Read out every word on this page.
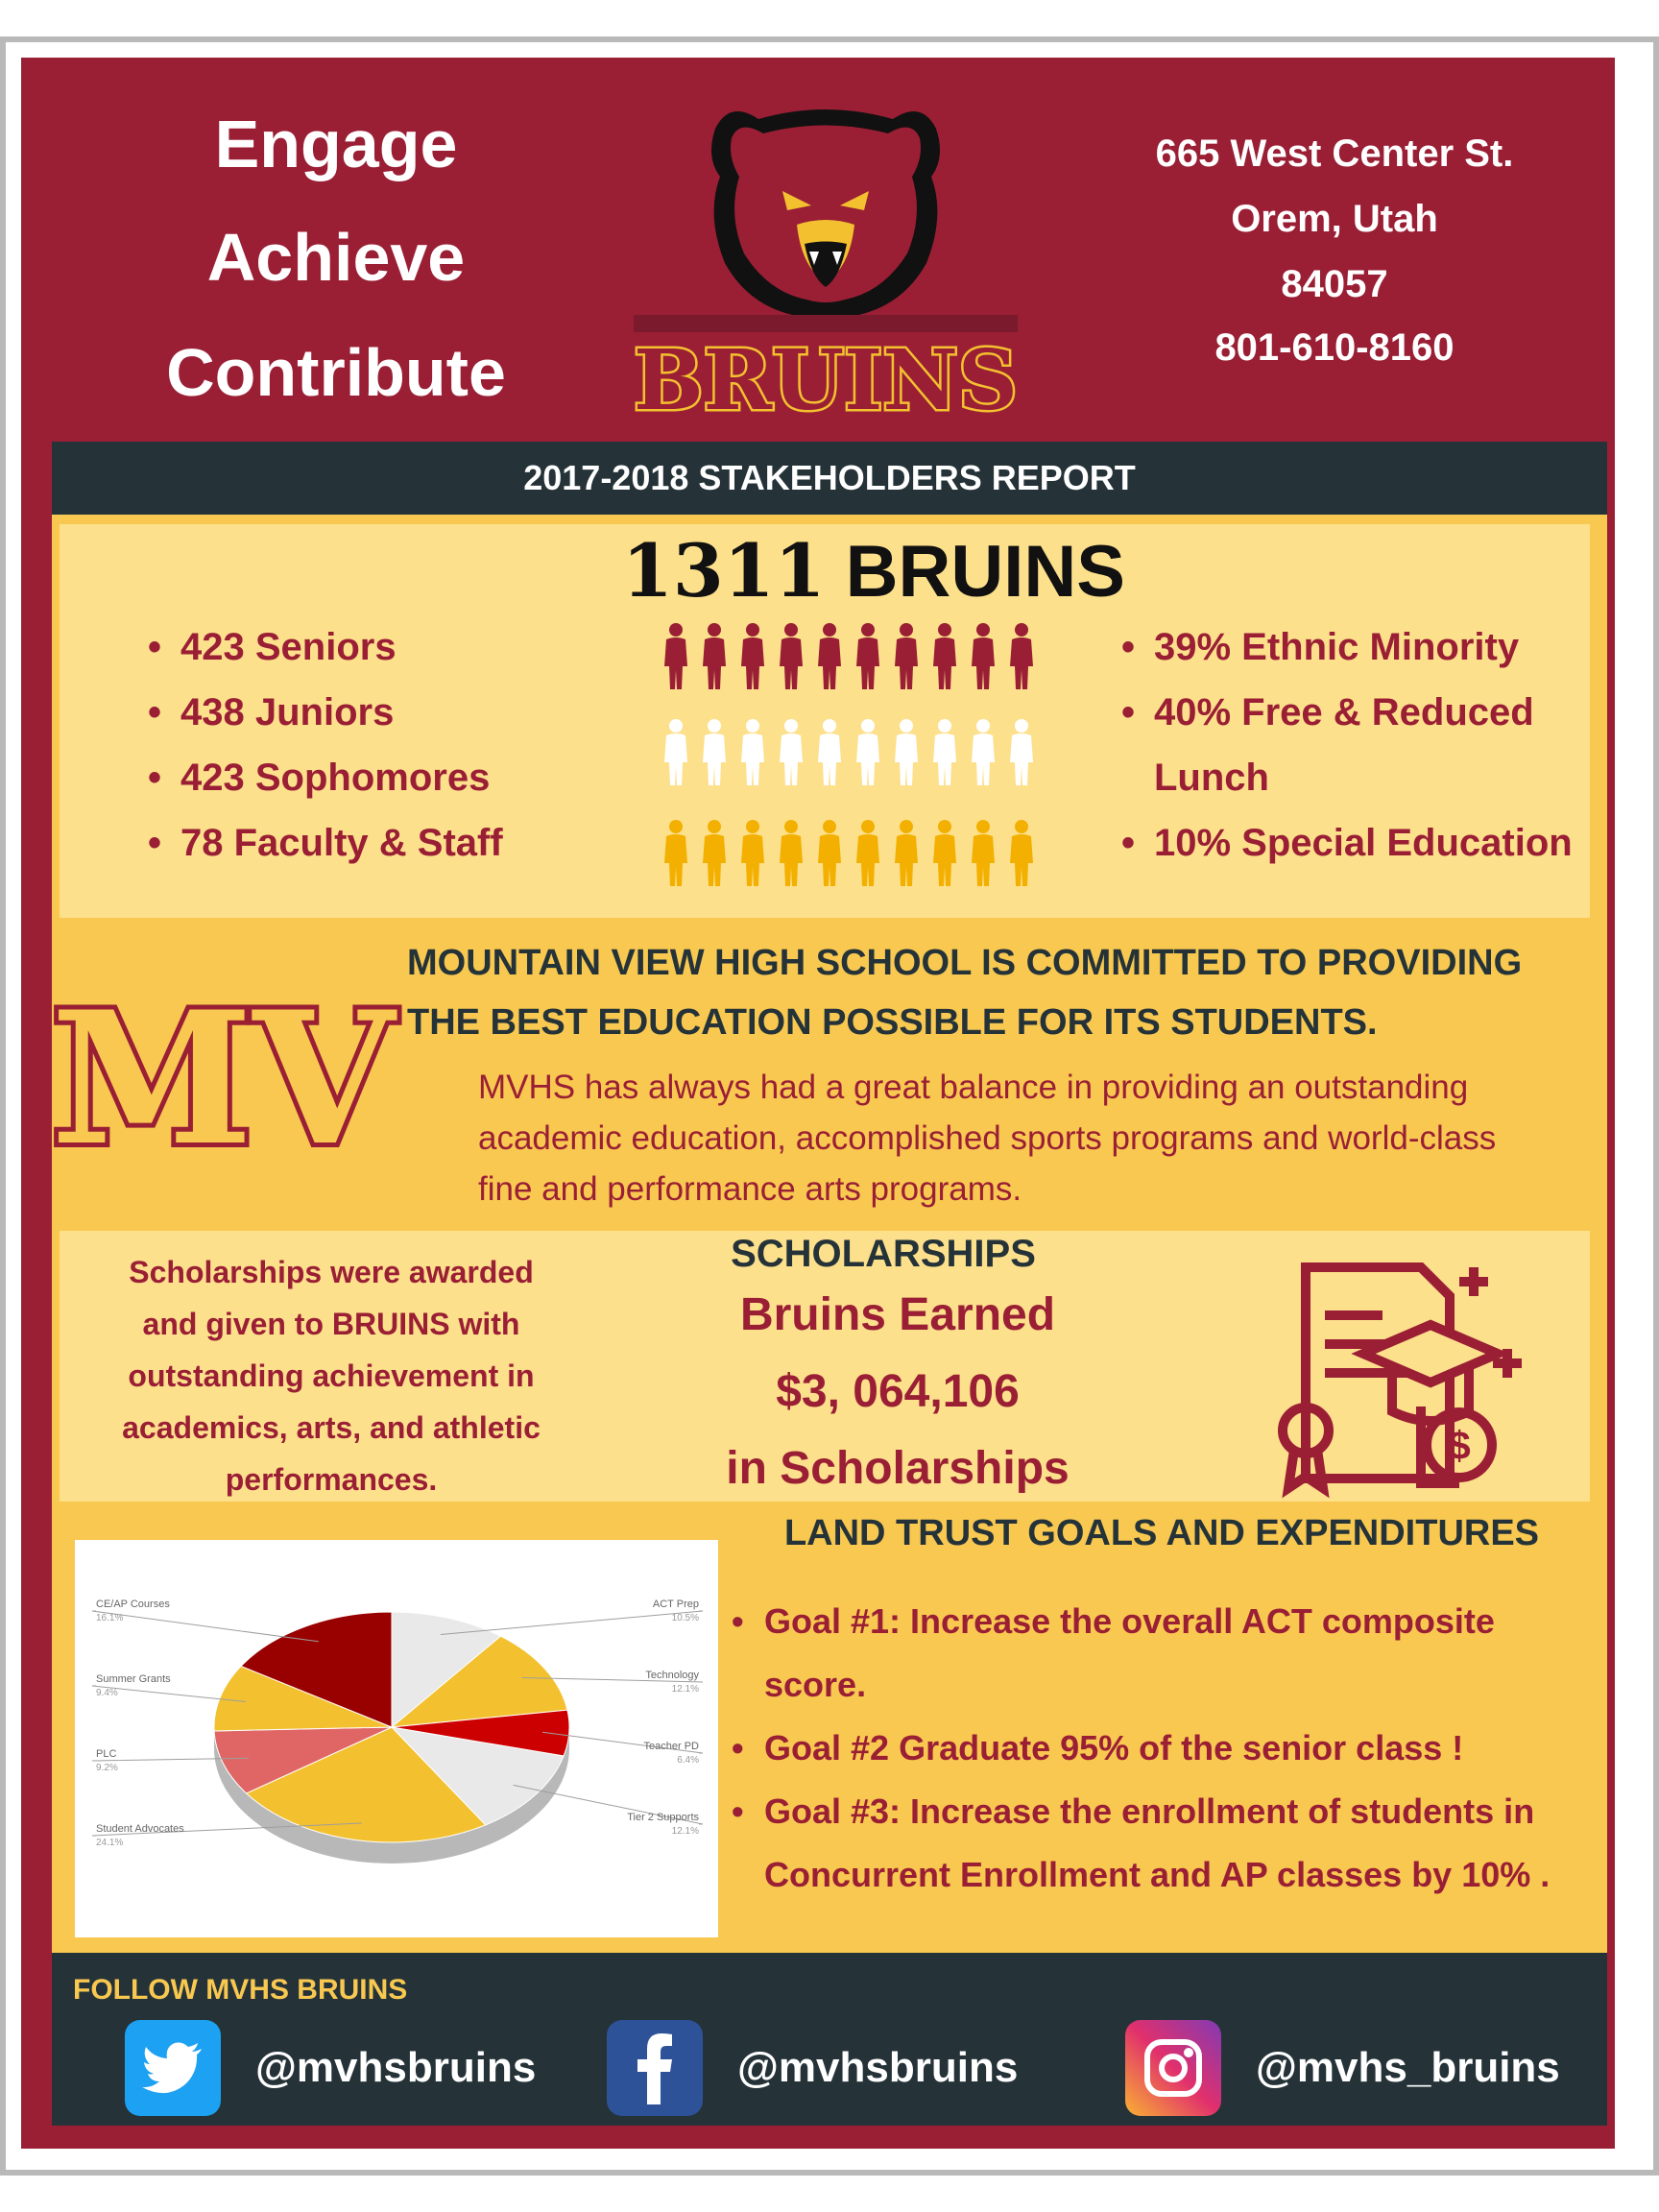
Engage
Achieve
Contribute	BRUINS
665 West Center St.
Orem, Utah
84057
801-610-8160
2017-2018 STAKEHOLDERS REPORT
1311 BRUINS
• 423 Seniors
• 438 Juniors
• 423 Sophomores
• 78 Faculty & Staff
• 39% Ethnic Minority
• 40% Free & Reduced
Lunch
• 10% Special Education
MV
MOUNTAIN VIEW HIGH SCHOOL IS COMMITTED TO PROVIDING
THE BEST EDUCATION POSSIBLE FOR ITS STUDENTS.
MVHS has always had a great balance in providing an outstanding
academic education, accomplished sports programs and world-class
fine and performance arts programs.
Scholarships were awarded
and given to BRUINS with
outstanding achievement in
academics, arts, and athletic
performances.
SCHOLARSHIPS
Bruins Earned
$3, 064,106
in Scholarships	$
ACT Prep
10.5%
Technology
12.1%
Teacher PD
6.4%
Tier 2 Supports
12.1%
CE/AP Courses
16.1%
Summer Grants
9.4%
PLC
9.2%
Student Advocates
24.1%
LAND TRUST GOALS AND EXPENDITURES
• Goal #1: Increase the overall ACT composite
score.
• Goal #2 Graduate 95% of the senior class !
• Goal #3: Increase the enrollment of students in
Concurrent Enrollment and AP classes by 10% .
FOLLOW MVHS BRUINS
@mvhsbruins	@mvhsbruins	@mvhs_bruins
